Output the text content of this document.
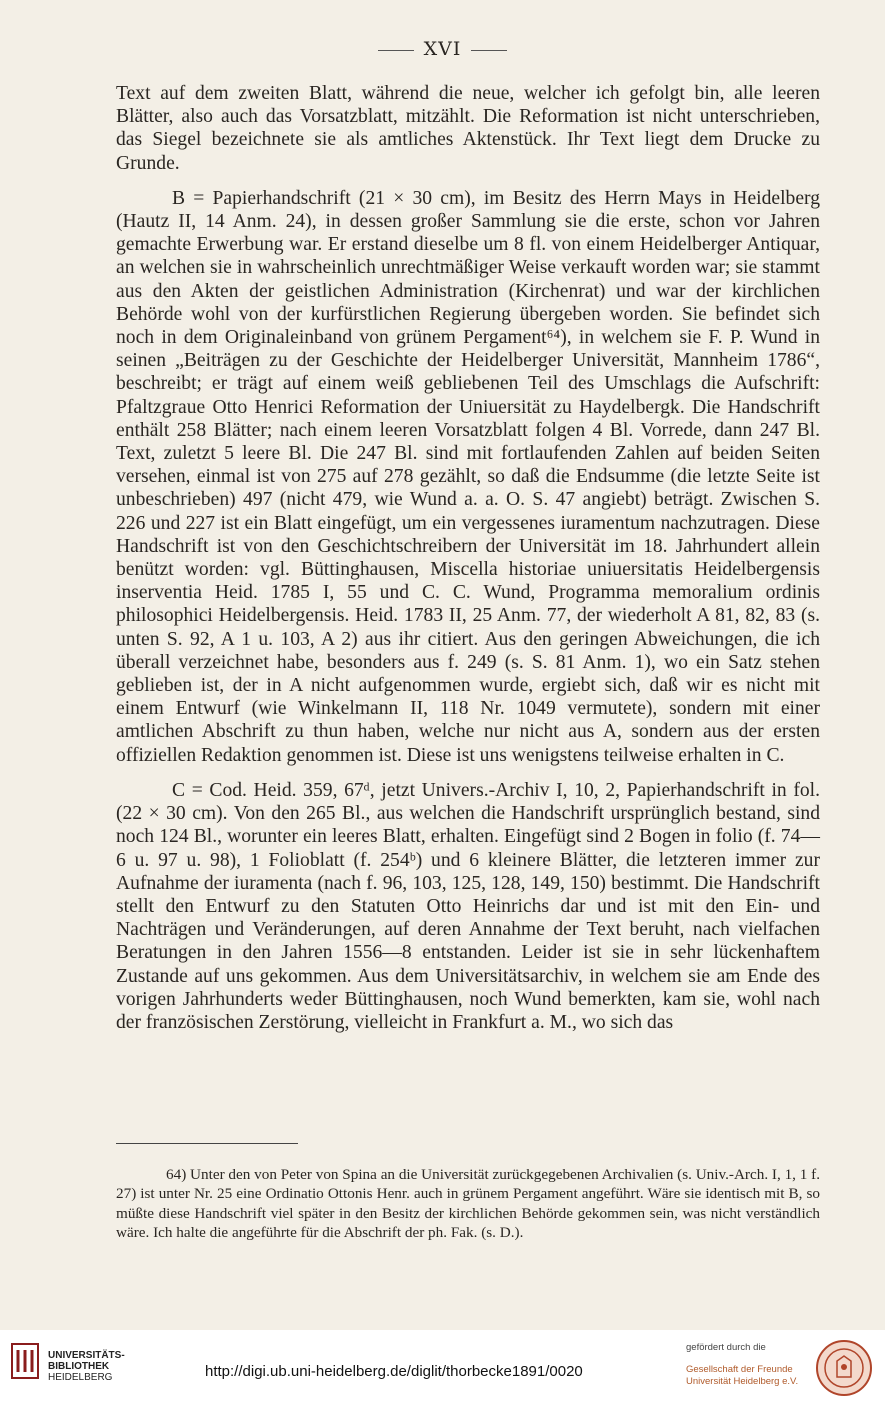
XVI

Text auf dem zweiten Blatt, während die neue, welcher ich gefolgt bin, alle leeren Blätter, also auch das Vorsatzblatt, mitzählt. Die Reformation ist nicht unterschrieben, das Siegel bezeichnete sie als amtliches Aktenstück. Ihr Text liegt dem Drucke zu Grunde.

B = Papierhandschrift (21 × 30 cm), im Besitz des Herrn Mays in Heidelberg (Hautz II, 14 Anm. 24), in dessen großer Sammlung sie die erste, schon vor Jahren gemachte Erwerbung war. Er erstand dieselbe um 8 fl. von einem Heidelberger Antiquar, an welchen sie in wahrscheinlich unrechtmäßiger Weise verkauft worden war; sie stammt aus den Akten der geistlichen Administration (Kirchenrat) und war der kirchlichen Behörde wohl von der kurfürstlichen Regierung übergeben worden. Sie befindet sich noch in dem Originaleinband von grünem Pergament⁶⁴), in welchem sie F. P. Wund in seinen „Beiträgen zu der Geschichte der Heidelberger Universität, Mannheim 1786“, beschreibt; er trägt auf einem weiß gebliebenen Teil des Umschlags die Aufschrift: Pfaltzgraue Otto Henrici Reformation der Uniuersität zu Haydelbergk. Die Handschrift enthält 258 Blätter; nach einem leeren Vorsatzblatt folgen 4 Bl. Vorrede, dann 247 Bl. Text, zuletzt 5 leere Bl. Die 247 Bl. sind mit fortlaufenden Zahlen auf beiden Seiten versehen, einmal ist von 275 auf 278 gezählt, so daß die Endsumme (die letzte Seite ist unbeschrieben) 497 (nicht 479, wie Wund a. a. O. S. 47 angiebt) beträgt. Zwischen S. 226 und 227 ist ein Blatt eingefügt, um ein vergessenes iuramentum nachzutragen. Diese Handschrift ist von den Geschichtschreibern der Universität im 18. Jahrhundert allein benützt worden: vgl. Büttinghausen, Miscella historiae uniuersitatis Heidelbergensis inserventia Heid. 1785 I, 55 und C. C. Wund, Programma memoralium ordinis philosophici Heidelbergensis. Heid. 1783 II, 25 Anm. 77, der wiederholt A 81, 82, 83 (s. unten S. 92, A 1 u. 103, A 2) aus ihr citiert. Aus den geringen Abweichungen, die ich überall verzeichnet habe, besonders aus f. 249 (s. S. 81 Anm. 1), wo ein Satz stehen geblieben ist, der in A nicht aufgenommen wurde, ergiebt sich, daß wir es nicht mit einem Entwurf (wie Winkelmann II, 118 Nr. 1049 vermutete), sondern mit einer amtlichen Abschrift zu thun haben, welche nur nicht aus A, sondern aus der ersten offiziellen Redaktion genommen ist. Diese ist uns wenigstens teilweise erhalten in C.

C = Cod. Heid. 359, 67ᵈ, jetzt Univers.-Archiv I, 10, 2, Papierhandschrift in fol. (22 × 30 cm). Von den 265 Bl., aus welchen die Handschrift ursprünglich bestand, sind noch 124 Bl., worunter ein leeres Blatt, erhalten. Eingefügt sind 2 Bogen in folio (f. 74—6 u. 97 u. 98), 1 Folioblatt (f. 254ᵇ) und 6 kleinere Blätter, die letzteren immer zur Aufnahme der iuramenta (nach f. 96, 103, 125, 128, 149, 150) bestimmt. Die Handschrift stellt den Entwurf zu den Statuten Otto Heinrichs dar und ist mit den Ein- und Nachträgen und Veränderungen, auf deren Annahme der Text beruht, nach vielfachen Beratungen in den Jahren 1556—8 entstanden. Leider ist sie in sehr lückenhaftem Zustande auf uns gekommen. Aus dem Universitätsarchiv, in welchem sie am Ende des vorigen Jahrhunderts weder Büttinghausen, noch Wund bemerkten, kam sie, wohl nach der französischen Zerstörung, vielleicht in Frankfurt a. M., wo sich das

64) Unter den von Peter von Spina an die Universität zurückgegebenen Archivalien (s. Univ.-Arch. I, 1, 1 f. 27) ist unter Nr. 25 eine Ordinatio Ottonis Henr. auch in grünem Pergament angeführt. Wäre sie identisch mit B, so müßte diese Handschrift viel später in den Besitz der kirchlichen Behörde gekommen sein, was nicht verständlich wäre. Ich halte die angeführte für die Abschrift der ph. Fak. (s. D.).
UNIVERSITÄTS-
BIBLIOTHEK
HEIDELBERG	http://digi.ub.uni-heidelberg.de/diglit/thorbecke1891/0020
gefördert durch die
Gesellschaft der Freunde
Universität Heidelberg e.V.
